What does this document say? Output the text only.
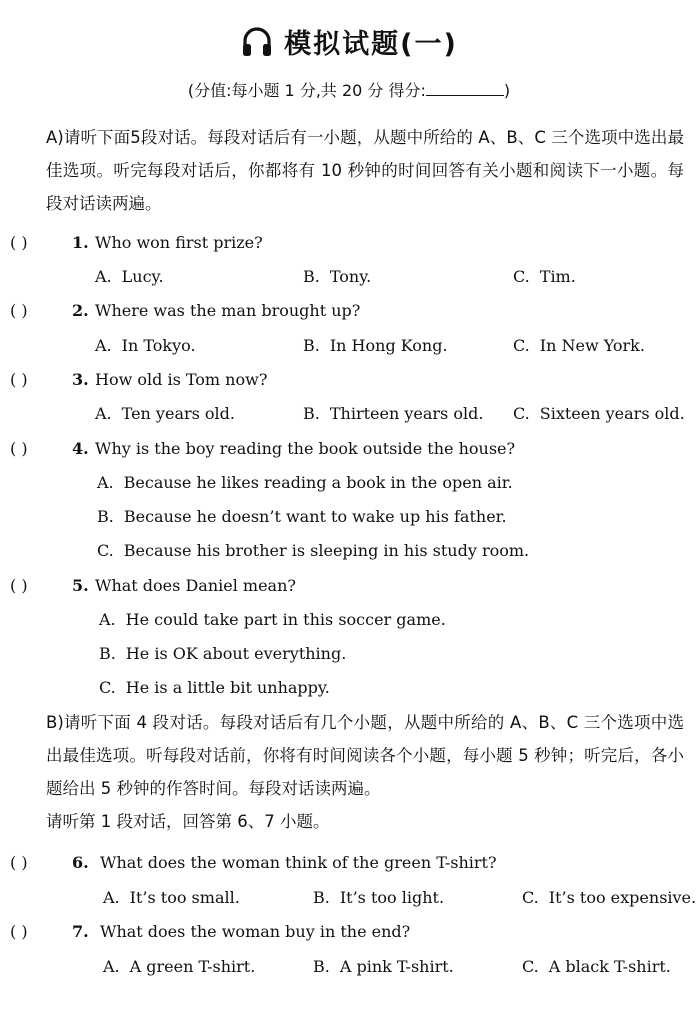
模拟试题(一)
(分值:每小题 1 分,共 20 分 得分:	)
A)请听下面5段对话。每段对话后有一小题，从题中所给的 A、B、C 三个选项中选出最佳选项。听完每段对话后，你都将有 10 秒钟的时间回答有关小题和阅读下一小题。每段对话读两遍。
( )	1. Who won first prize?
A. Lucy.	B. Tony.	C. Tim.
( )	2. Where was the man brought up?
A. In Tokyo.	B. In Hong Kong.	C. In New York.
( )	3. How old is Tom now?
A. Ten years old.	B. Thirteen years old. C. Sixteen years old.
( )	4. Why is the boy reading the book outside the house?
A. Because he likes reading a book in the open air.
B. Because he doesn’t want to wake up his father.
C. Because his brother is sleeping in his study room.
( )	5. What does Daniel mean?
A. He could take part in this soccer game.
B. He is OK about everything.
C. He is a little bit unhappy.
B)请听下面 4 段对话。每段对话后有几个小题，从题中所给的 A、B、C 三个选项中选出最佳选项。听每段对话前，你将有时间阅读各个小题，每小题 5 秒钟；听完后，各小题给出 5 秒钟的作答时间。每段对话读两遍。
请听第 1 段对话，回答第 6、7 小题。
( )	6. What does the woman think of the green T-shirt?
A. It’s too small.	B. It’s too light.	C. It’s too expensive.
( )	7. What does the woman buy in the end?
A. A green T-shirt.	B. A pink T-shirt.	C. A black T-shirt.
